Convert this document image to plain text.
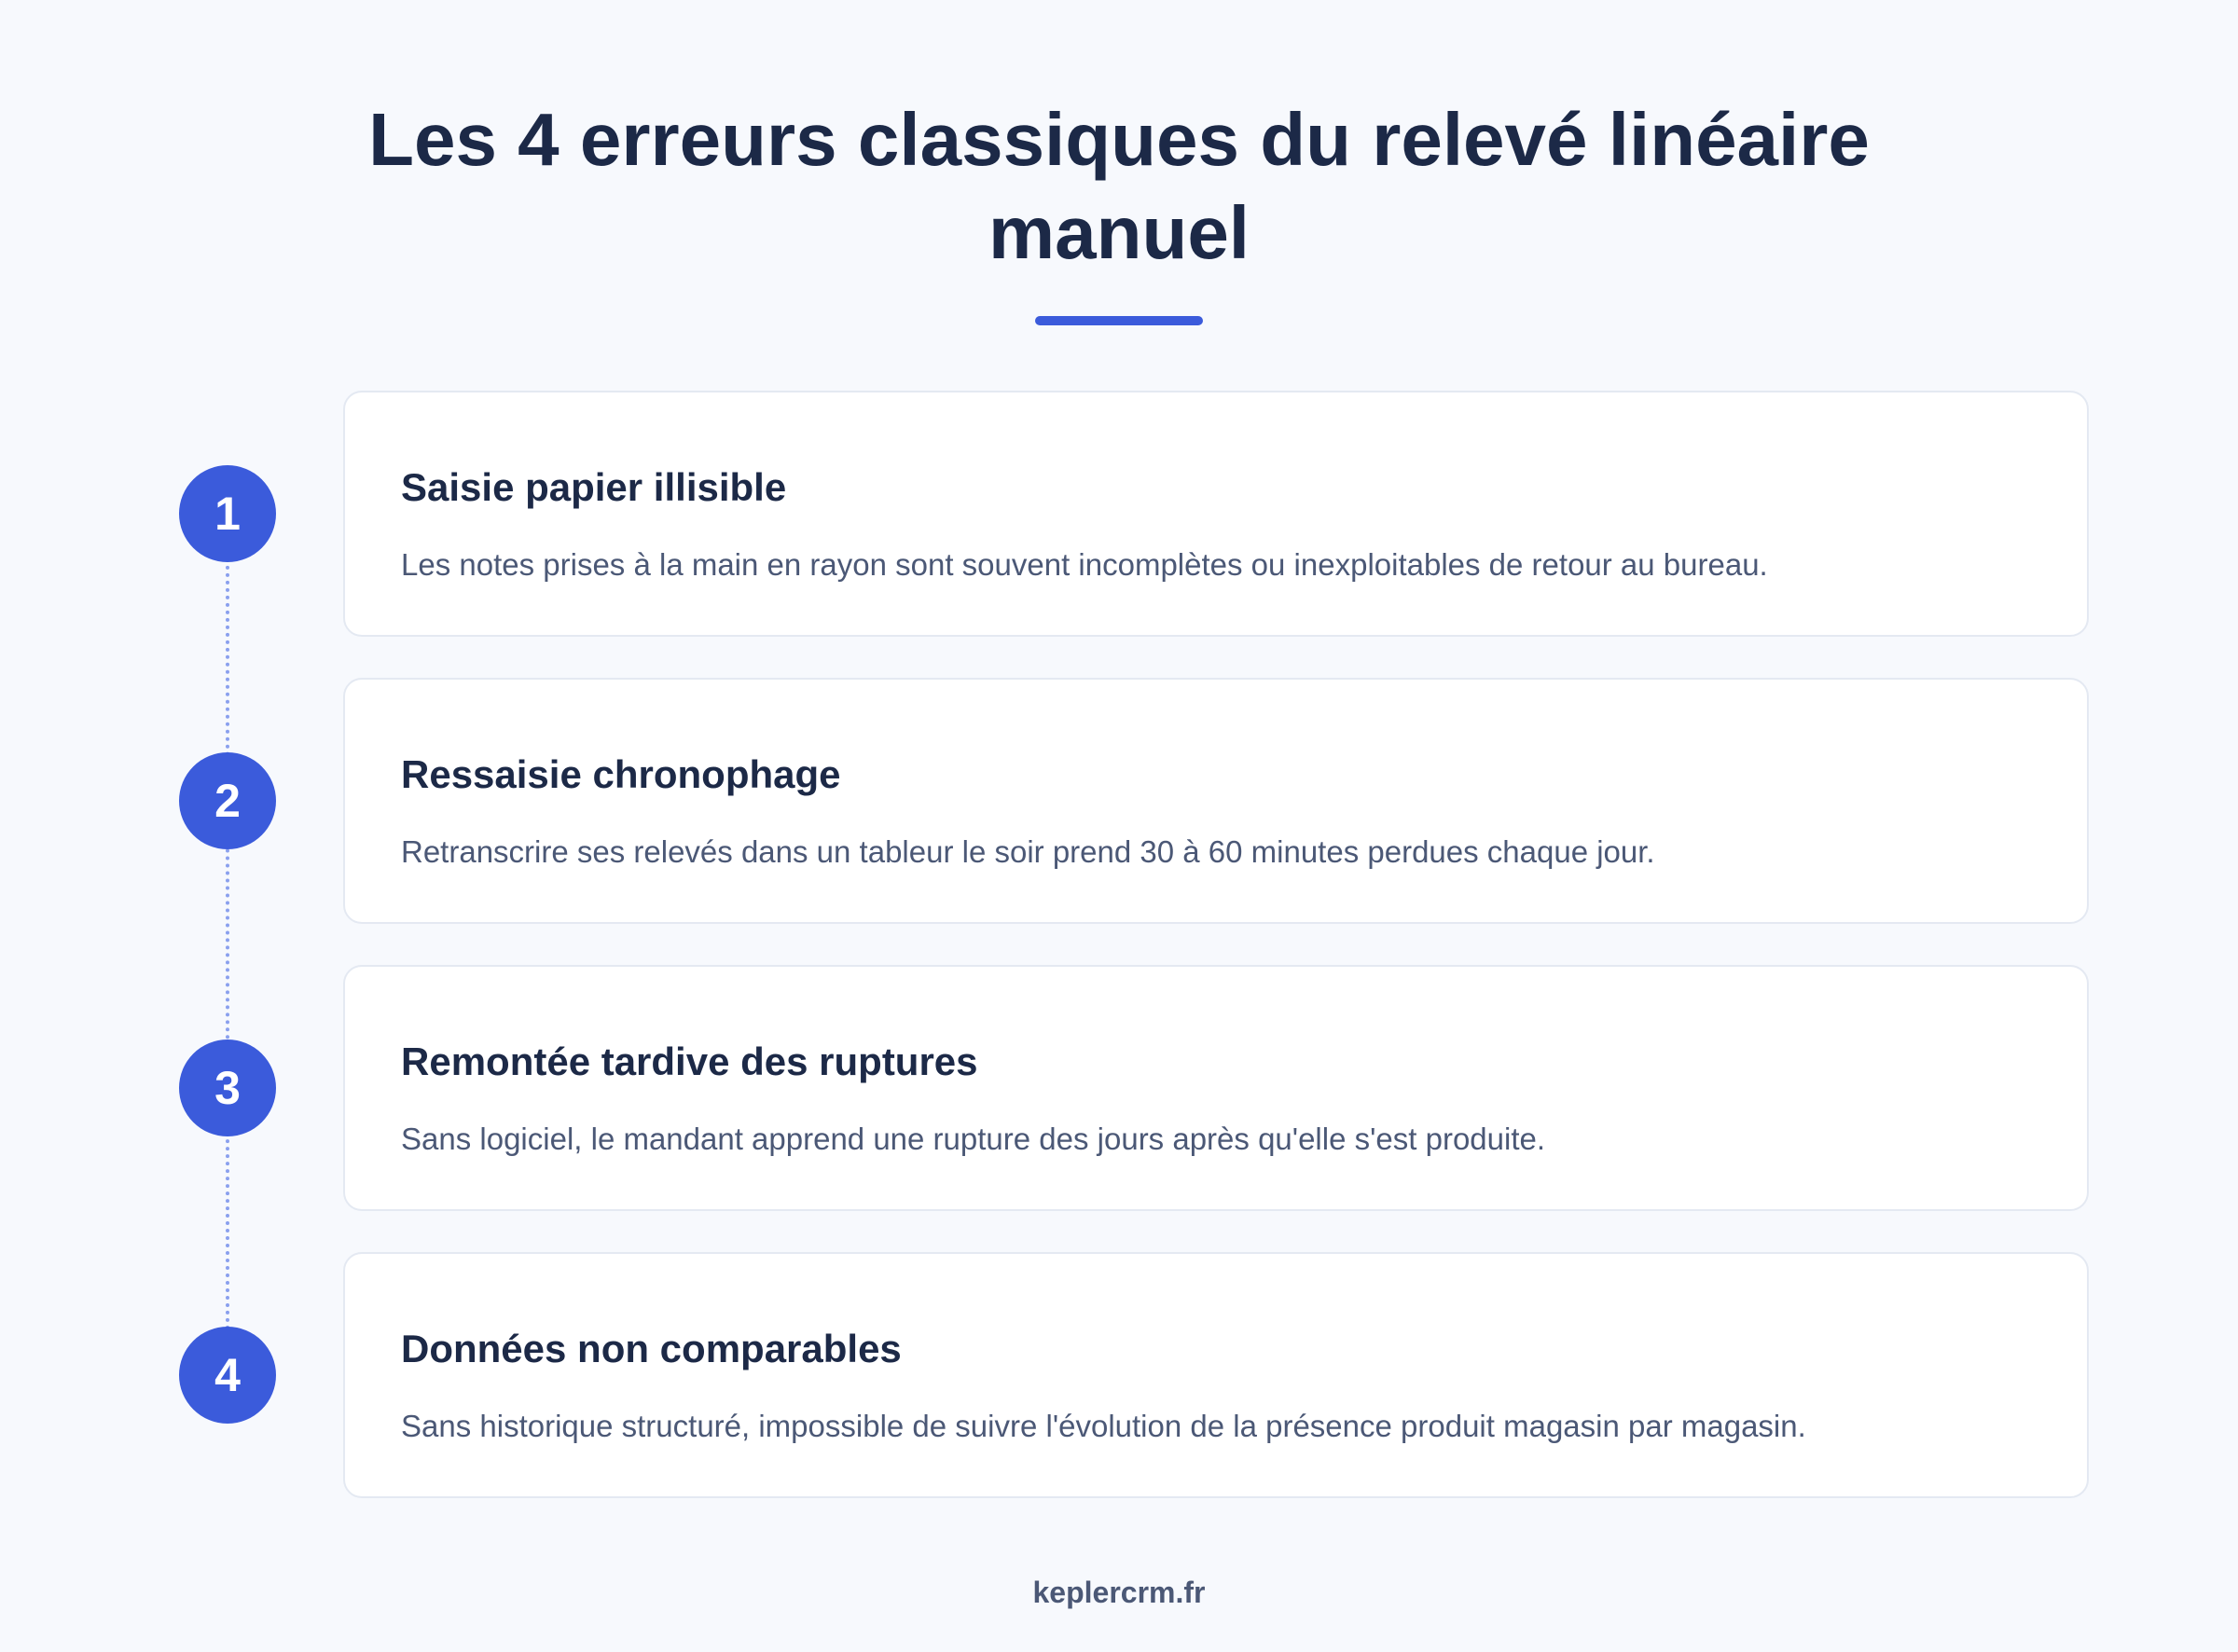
Les 4 erreurs classiques du relevé linéaire manuel
1
Saisie papier illisible

Les notes prises à la main en rayon sont souvent incomplètes ou inexploitables de retour au bureau.

2
Ressaisie chronophage

Retranscrire ses relevés dans un tableur le soir prend 30 à 60 minutes perdues chaque jour.

3
Remontée tardive des ruptures

Sans logiciel, le mandant apprend une rupture des jours après qu'elle s'est produite.

4
Données non comparables

Sans historique structuré, impossible de suivre l'évolution de la présence produit magasin par magasin.

keplercrm.fr
